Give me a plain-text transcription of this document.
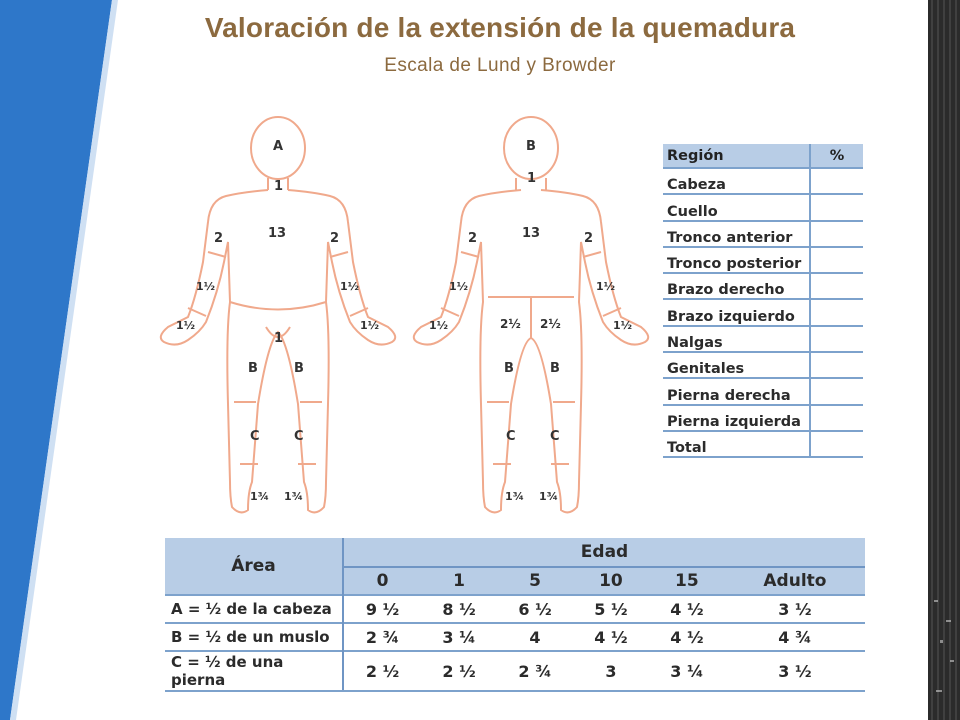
Valoración de la extensión de la quemadura
Escala de Lund y Browder
A
1
13
2	2
1½	1½
1½	1½
1
B	B
C	C
1¾ 1¾
B
1
13
2	2
1½	1½
1½	1½
2½ 2½
B	B
C	C
1¾ 1¾
Región	%
Cabeza	
Cuello	
Tronco anterior	
Tronco posterior	
Brazo derecho	
Brazo izquierdo	
Nalgas	
Genitales	
Pierna derecha	
Pierna izquierda	
Total	
Área	Edad					
	0	1	5	10	15	Adulto
A = ½ de la cabeza	9 ½	8 ½	6 ½	5 ½	4 ½	3 ½
B = ½ de un muslo	2 ¾	3 ¼	4	4 ½	4 ½	4 ¾
C = ½ de una pierna	2 ½	2 ½	2 ¾	3	3 ¼	3 ½
